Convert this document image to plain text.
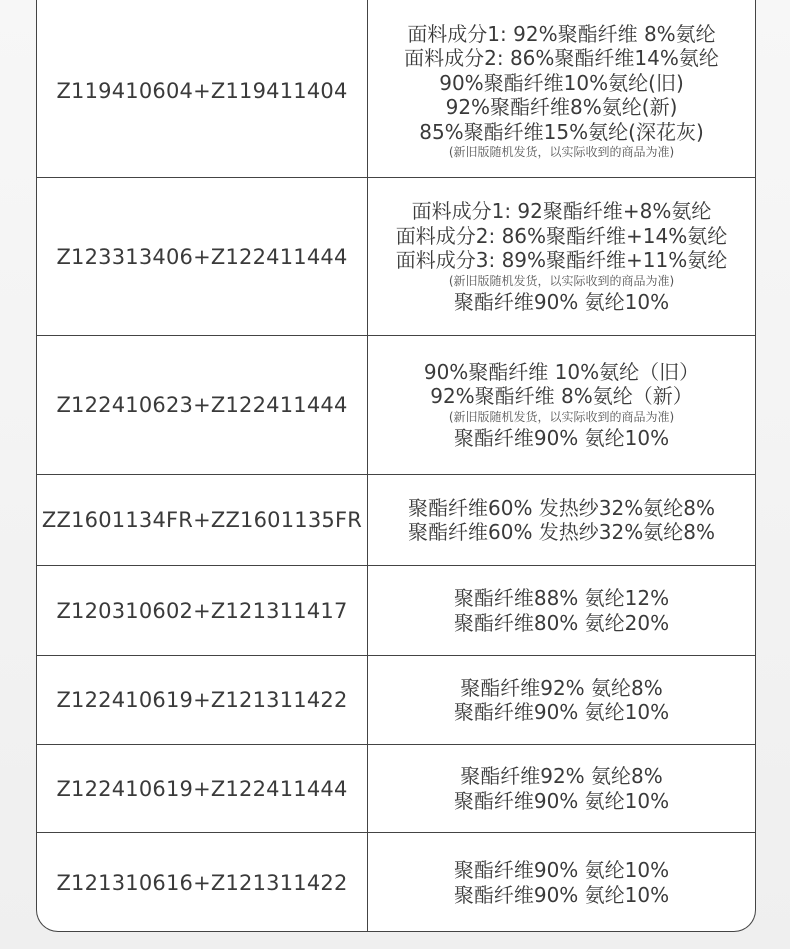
Z119410604+Z119411404
面料成分1: 92%聚酯纤维 8%氨纶
面料成分2: 86%聚酯纤维14%氨纶
90%聚酯纤维10%氨纶(旧)
92%聚酯纤维8%氨纶(新)
85%聚酯纤维15%氨纶(深花灰)
(新旧版随机发货，以实际收到的商品为准)
Z123313406+Z122411444
面料成分1: 92聚酯纤维+8%氨纶
面料成分2: 86%聚酯纤维+14%氨纶
面料成分3: 89%聚酯纤维+11%氨纶
(新旧版随机发货，以实际收到的商品为准)
聚酯纤维90% 氨纶10%
Z122410623+Z122411444
90%聚酯纤维 10%氨纶（旧）
92%聚酯纤维 8%氨纶（新）
(新旧版随机发货，以实际收到的商品为准)
聚酯纤维90% 氨纶10%
ZZ1601134FR+ZZ1601135FR
聚酯纤维60% 发热纱32%氨纶8%
聚酯纤维60% 发热纱32%氨纶8%
Z120310602+Z121311417
聚酯纤维88% 氨纶12%
聚酯纤维80% 氨纶20%
Z122410619+Z121311422
聚酯纤维92% 氨纶8%
聚酯纤维90% 氨纶10%
Z122410619+Z122411444
聚酯纤维92% 氨纶8%
聚酯纤维90% 氨纶10%
Z121310616+Z121311422
聚酯纤维90% 氨纶10%
聚酯纤维90% 氨纶10%
